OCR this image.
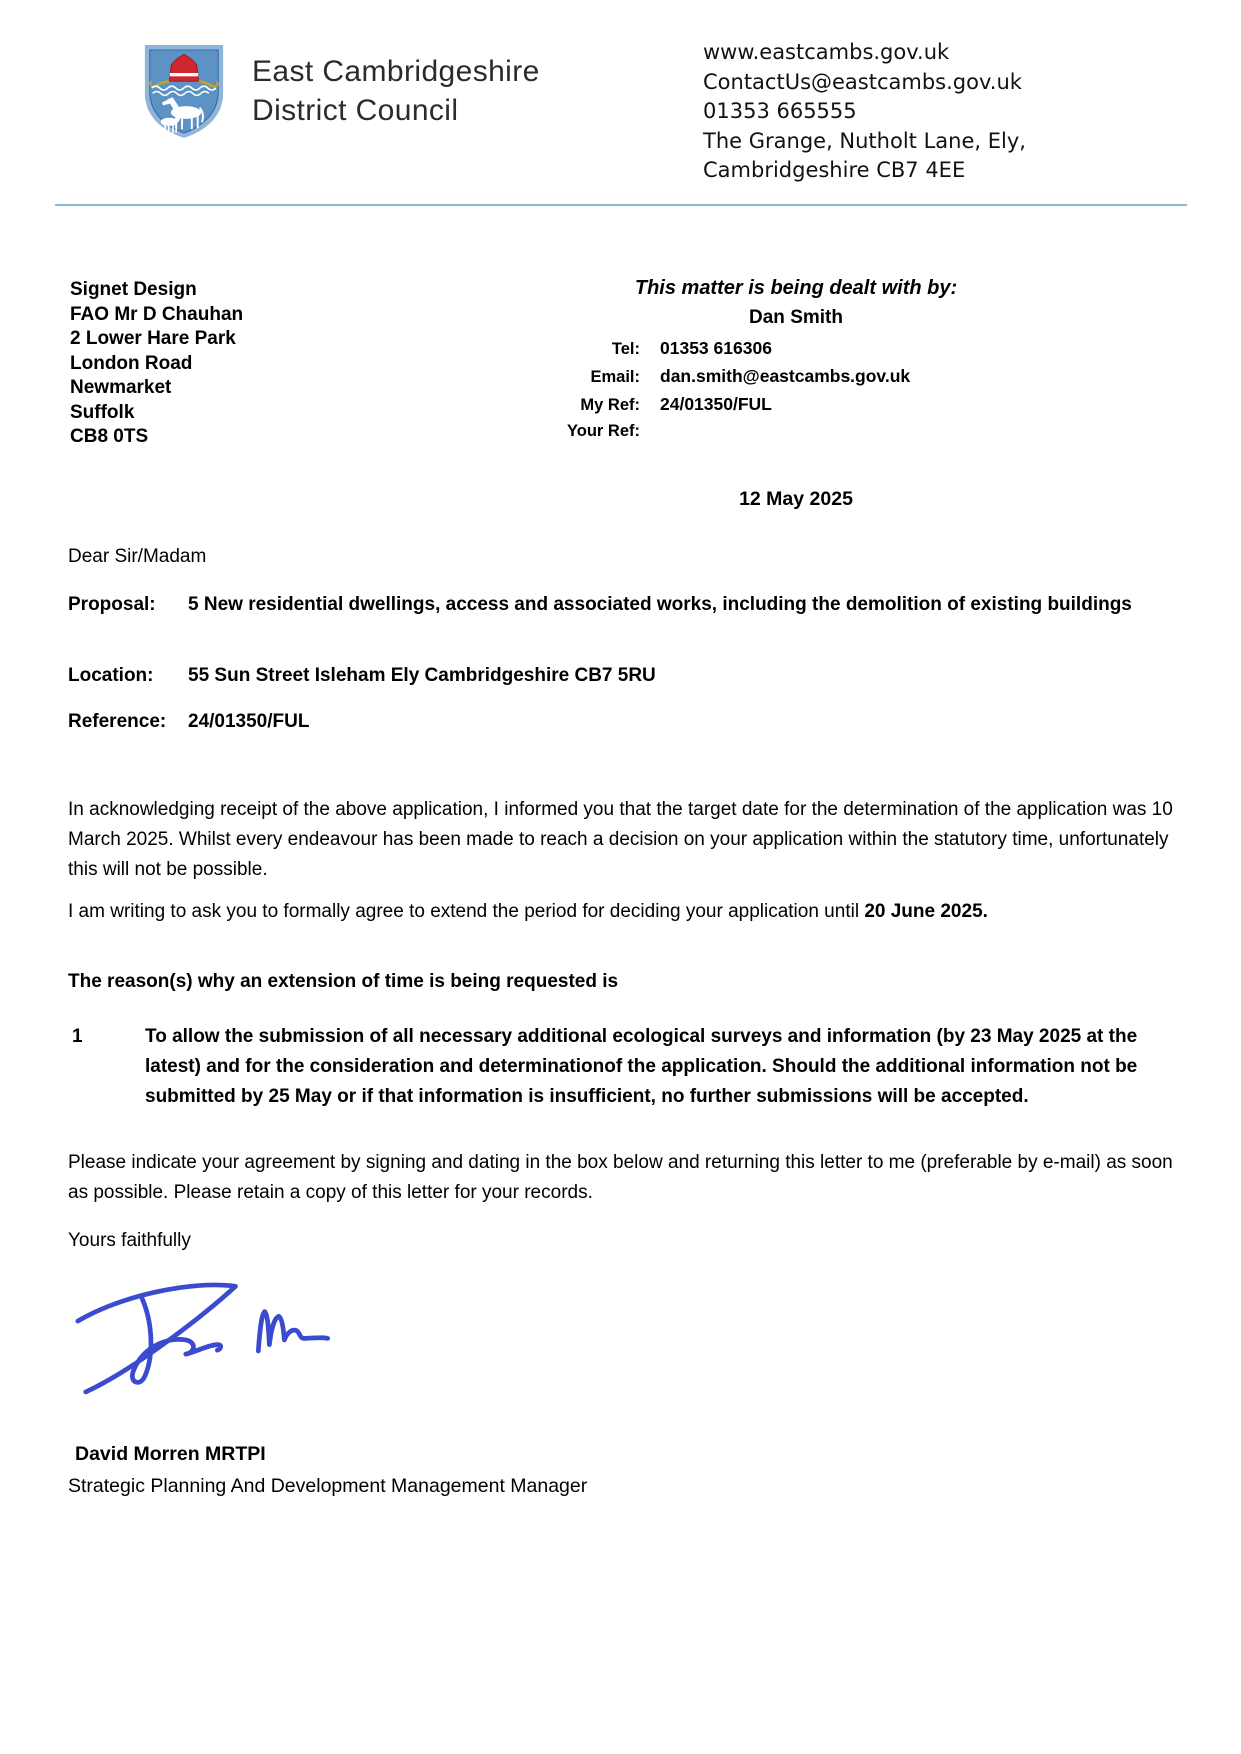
East Cambridgeshire
District Council
www.eastcambs.gov.uk
ContactUs@eastcambs.gov.uk
01353 665555
The Grange, Nutholt Lane, Ely,
Cambridgeshire CB7 4EE
Signet Design
FAO Mr D Chauhan
2 Lower Hare Park
London Road
Newmarket
Suffolk
CB8 0TS
This matter is being dealt with by:
Dan Smith
Tel: 01353 616306
Email: dan.smith@eastcambs.gov.uk
My Ref: 24/01350/FUL
Your Ref:
12 May 2025
Dear Sir/Madam
Proposal:	5 New residential dwellings, access and associated works, including the demolition of existing buildings
Location:	55 Sun Street Isleham Ely Cambridgeshire CB7 5RU
Reference:	24/01350/FUL
In acknowledging receipt of the above application, I informed you that the target date for the determination of the application was 10 March 2025. Whilst every endeavour has been made to reach a decision on your application within the statutory time, unfortunately this will not be possible.
I am writing to ask you to formally agree to extend the period for deciding your application until 20 June 2025.
The reason(s) why an extension of time is being requested is
1	To allow the submission of all necessary additional ecological surveys and information (by 23 May 2025 at the latest) and for the consideration and determinationof the application. Should the additional information not be submitted by 25 May or if that information is insufficient, no further submissions will be accepted.
Please indicate your agreement by signing and dating in the box below and returning this letter to me (preferable by e-mail) as soon as possible. Please retain a copy of this letter for your records.
Yours faithfully
David Morren MRTPI
Strategic Planning And Development Management Manager
